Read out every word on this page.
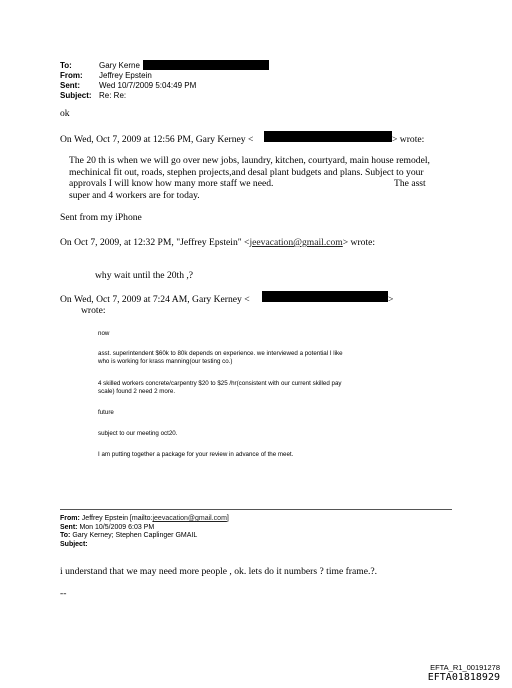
To:	Gary Kerne
From: Jeffrey Epstein
Sent: Wed 10/7/2009 5:04:49 PM
Subject: Re: Re:
ok
On Wed, Oct 7, 2009 at 12:56 PM, Gary Kerney <	> wrote:
The 20 th is when we will go over new jobs, laundry, kitchen, courtyard, main house remodel,
mechinical fit out, roads, stephen projects,and desal plant budgets and plans. Subject to your
approvals I will know how many more staff we need.	The asst
super and 4 workers are for today.
Sent from my iPhone
On Oct 7, 2009, at 12:32 PM, "Jeffrey Epstein" <jeevacation@gmail.com> wrote:
why wait until the 20th ,?
On Wed, Oct 7, 2009 at 7:24 AM, Gary Kerney <	>
wrote:
now
asst. superintendent $60k to 80k depends on experience. we interviewed a potential I like
who is working for krass manning(our testing co.)
4 skilled workers concrete/carpentry $20 to $25 /hr(consistent with our current skilled pay
scale) found 2 need 2 more.
future
subject to our meeting oct20.
I am putting together a package for your review in advance of the meet.
From: Jeffrey Epstein [mailto:jeevacation@gmail.com]
Sent: Mon 10/5/2009 6:03 PM
To: Gary Kerney; Stephen Caplinger GMAIL
Subject:
i understand that we may need more people , ok. lets do it numbers ? time frame.?.
--
EFTA_R1_00191278
EFTA01818929
